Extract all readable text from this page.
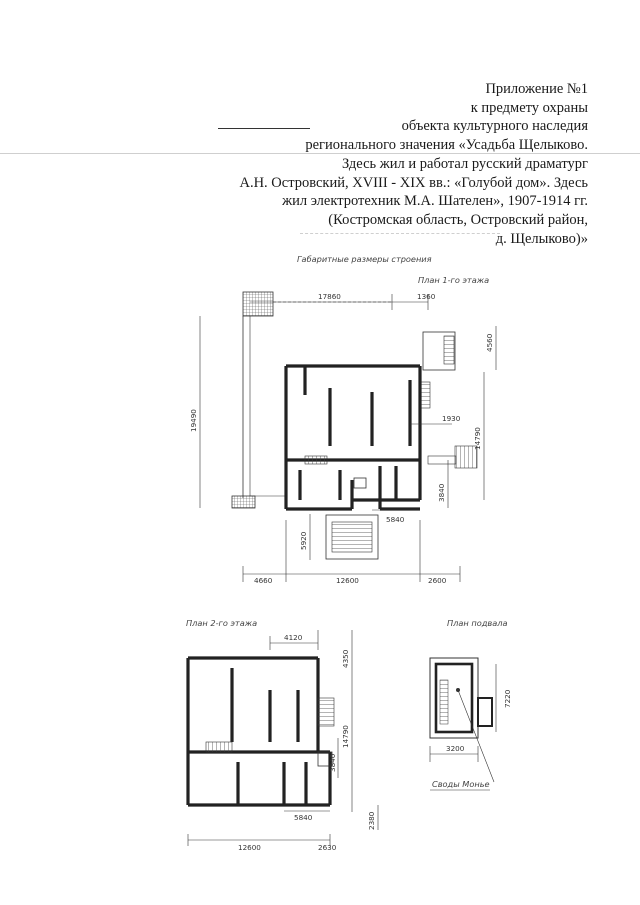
Приложение №1
к предмету охраны
объекта культурного наследия
регионального значения «Усадьба Щелыково.
Здесь жил и работал русский драматург
А.Н. Островский, XVIII - XIX вв.: «Голубой дом». Здесь
жил электротехник М.А. Шателен», 1907-1914 гг.
(Костромская область, Островский район,
д. Щелыково)»
Габаритные размеры строения
План 1-го этажа
17860	1360
4560
19490	1930
14790
3840
5840
5920
4660	12600	2600
План 2-го этажа
4120
4350
14790
3840
5840	2380
12600	2630
План подвала
7220
3200
Своды Монье
